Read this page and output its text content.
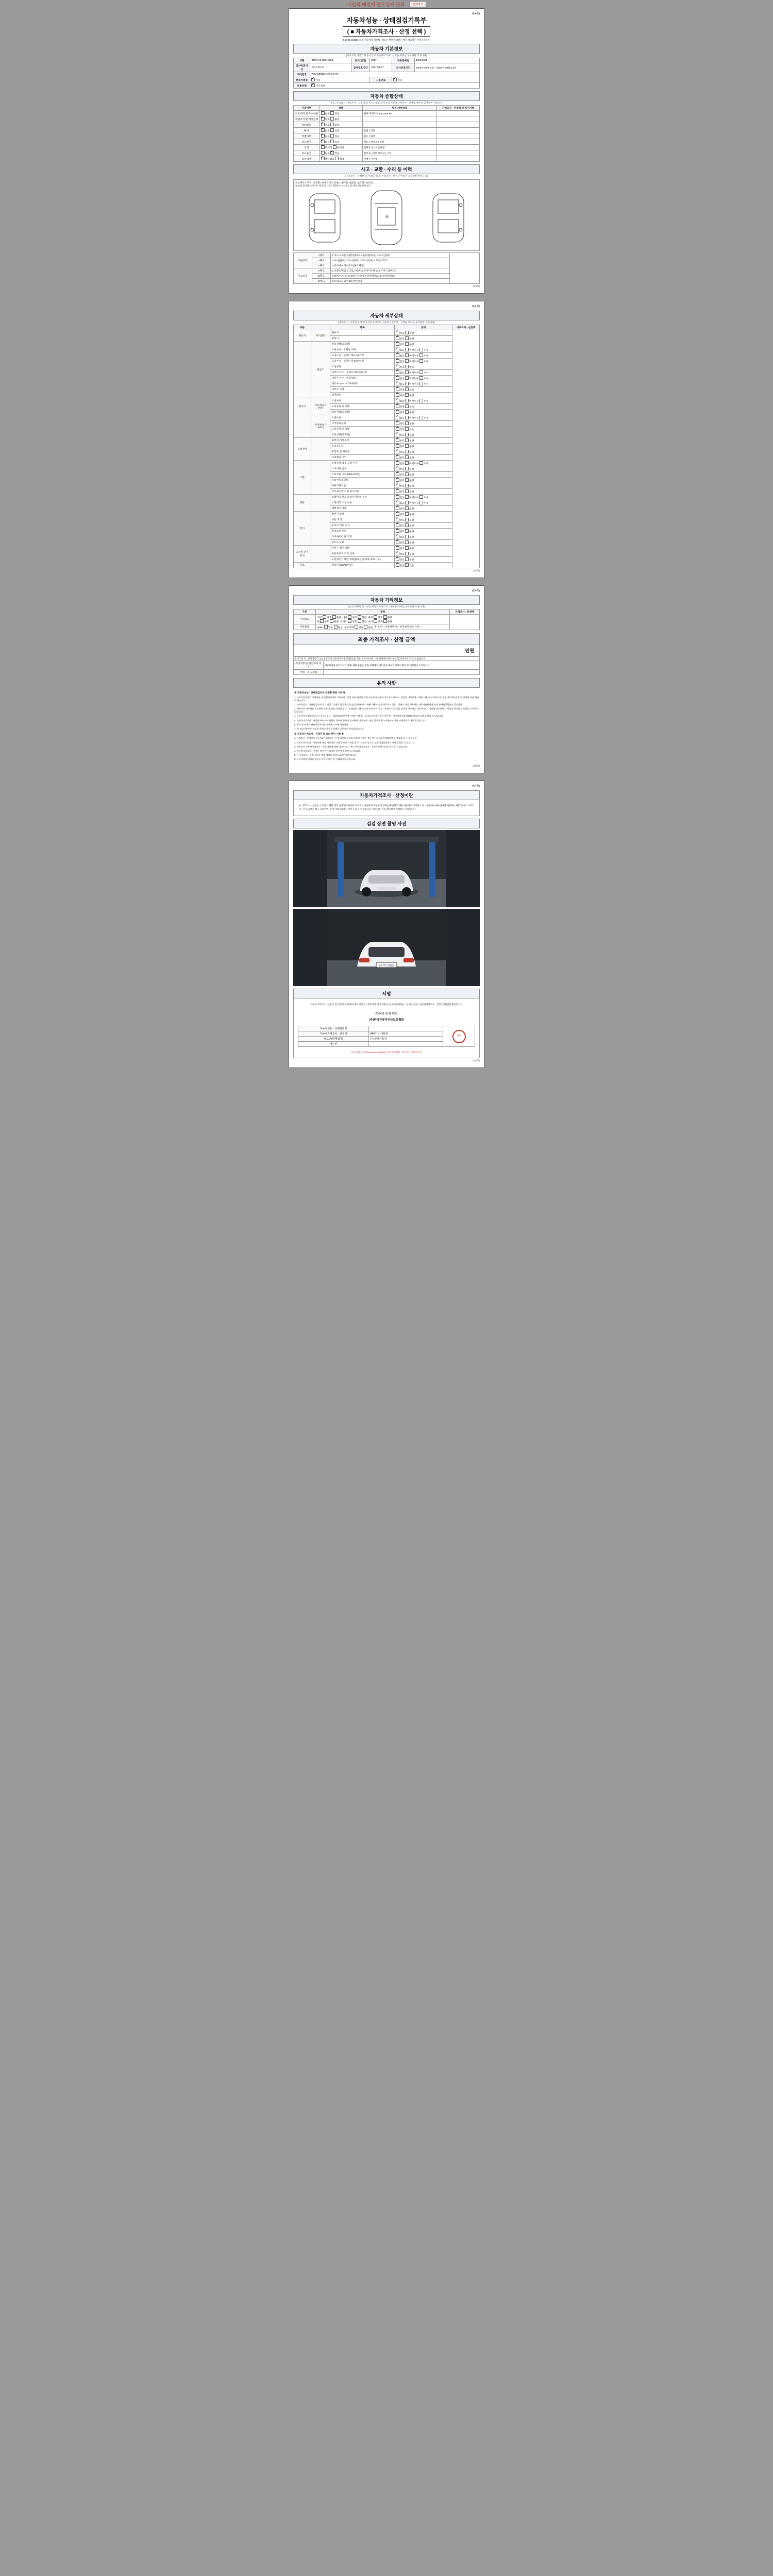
크인의 페먼에 안우입째 문의	인쇄하기
(1/4쪽)
자동차성능 · 상태점검기록부
( ■ 자동차가격조사 · 산정 선택 )
제 15-01-134192 호 ※ 자동차의 객관적 · 성능은 행위의 범위는 해당 제공하는 서비스 입니다.
자동차 기본정보
(기록부의 기본기재 등시안의 자동차의거내 · 산정을 위하신 공차량한 작성니다)
차명	BMW X3 xDrive20d	연식(년식)	2017	최초등록일	3463.3665
검사유효기간	2017-03-17	검사유효기간	2017-03-17	검사유효기간	2020년 05월 1일 ~ 2027년 05월 18일
차대번호	WBAXZ510A40RO4HTH				
변속기종류	✔자동		사용연료	✔경유
보증유형	✔자기보증
자동차 종합상태
(주요, 주요옵션, 기록조사 · 산정의 및 폭기사항을 동시안의 자동차가격조사 · 산정을 위하신 공차량한 작성니다)
사용여부	상태	항목/세부내역	가격조사 · 산정액 및 특기사항
사고이력 및 특수사용	✔없음 있음	현재 주행거리 | 93,266 km	
주행거리 및 계기상태	✔양호 불량		
차대번호	✔양호 불량		
튜닝	✔없음 있음	불법 | 적법	
특별이력	✔없음 있음	침수 | 화재	
용도변경	✔없음 있음	렌트 | 영업용 | 관용	
색상	✔무채색 유채색	전체도색 | 색상변경	
주요옵션	없음 ✔ 있음	선루프 | 네비게이션 | 기타	
리콜대상	✔해당없음 해당	이행 | 미이행	
사고 · 교환 · 수리 등 이력
(기록조사 · 산정한 동시안의 자동차가격조사 · 산정을 위하신 공차량한 작성니다)
※ 상태표시 부호 : X(교환), W(판금 또는 용접), C(부식), A(흠집), U(요철), T(손상)
※ 主항 및 형판 상태에 기호표기, 기타 가용하는 상세정보 문의의 세부항목 참고
M
외판부위	1랭크	1.후드 2.프론트휀더(좌) 3.프론트휀더(우) 4.도어(앞좌)	
	2랭크	5.도어(앞우) 6.도어(뒤좌) 7.도어(뒤우) 8.트렁크리드	
	3랭크	9.라디에이터서포트(볼트체결)	
주요골격	A랭크	1.프론트패널 2.크로스멤버 3.인사이드패널 4.사이드멤버(좌)	
	B랭크	5.휠하우스(좌) 6.휠하우스(우) 7.필러패널(A) 8.필러패널(B)	
	C랭크	9.트렁크플로어 10.리어패널	
(1/4쪽)
(2/4쪽)
자동차 세부상태
(기록조사 · 산정한 동시 특기사항 동시안의 자동차가격조사 · 산정을 위하신 공차량한 작성니다)
구분		항목	상태	가격조사 · 산정액
원동기	자기진단	원동기	✔양호 불량	
		변속기	✔양호 불량
	원동기	작동상태(공회전)	✔양호 불량
		오일누유 - 로커암 커버	✔없음 미세누유 누유
		오일누유 - 실린더 헤드/가스켓	✔없음 미세누유 누유
		오일누유 - 실린더 블록/오일팬	✔없음 미세누유 누유
		오일유량	✔적정 부족
		냉각수 누수 - 실린더 헤드/가스켓	✔없음 미세누수 누수
		냉각수 누수 - 워터펌프	✔없음 미세누수 누수
		냉각수 누수 - 라디에이터	✔없음 미세누수 누수
		냉각수 수량	✔적정 부족
		커먼레일	✔양호 불량
변속기	자동변속기(A/T)	오일누유	✔없음 미세누유 누유
		오일유량 및 상태	✔적정 부족
		작동상태(공회전)	✔양호 불량
	수동변속기(M/T)	오일누유	✔없음 미세누유 누유
		기어변속장치	✔양호 불량
		오일유량 및 상태	✔적정 부족
		작동상태(공회전)	✔양호 불량
동력전달		클러치 어셈블리	✔양호 불량
		등속조인트	✔양호 불량
		추진축 및 베어링	✔양호 불량
		디퍼렌셜 기어	✔양호 불량
조향		동력조향 작동 오일 누유	✔없음 미세누유 누유
		스티어링 펌프	✔양호 불량
		스티어링 기어(MDPS포함)	✔양호 불량
		스티어링조인트	✔양호 불량
		파워크랭크암	✔양호 불량
		타이로드엔드 및 볼조인트	✔양호 불량
제동		브레이크 마스터 실린더오일 누유	✔없음 미세누유 누유
		브레이크 오일 누유	✔없음 미세누유 누유
		배력장치 상태	✔양호 불량
전기		발전기 출력	✔양호 불량
		시동 모터	✔양호 불량
		와이퍼 기능 이상	✔양호 불량
		실내송풍 모터	✔양호 불량
		라디에이터 팬 모터	✔양호 불량
		윈도우 모터	✔양호 불량
고전원 전기장치		충전구 절연 상태	✔양호 불량
		구동축전지 격리 상태	✔양호 불량
		고전원전기배선 상태(접속단자,피복,보호기구)	✔양호 불량
연료		연료누출(LPG포함)	✔없음 있음
(2/4쪽)
(3/4쪽)
자동차 기타정보
(외 특기사항 동시안의 자동차가격조사 · 산정을 위하신 공차량한 작성니다)
구분	항목	가격조사 · 산정액
수리필요	
외장 양호 불량 내장 양호 불량 광택 양호 불량
휠 양호 불량 타이어 양호 불량 유리 양호 불량

기본품목	практ 있음 없음 보유상태 있음 없음 ※ 공구 □ 사용설명서 □ 안전삼각대 □ 기타 □	
최종 가격조사 · 산정 금액
만원
※ 가격조사 · 산정기록은 성능점검자의 자동차가격을 보장(보증) 하는 것이 아니며, 거래 과정에서 당사자간 합의에 따라 다를 수 있습니다.	
특기사항 및 점검자의 의견	해당차량에 롤리그처리 항목/ 해당 볼륨은 점검-상태에서 매도인과 매수인 쌍방이 확인 후 거래하시기 바랍니다.
거래 · 조사/점검	
유의 사항
※ 자동차성능 · 상태점검자의 부정확 판단 시한 방

1. 자동차등록증의 기재내용, 상태점검자에서 기록조사 · 산정 부분 점검에 대한 자동차의 상태와 자동차가격조사 · 산정을 기록부에 기재된 내용이 실제와 다를 경우 자동차관리법 및 민법에 따라 책임이 있습니다.

2. 자동차성능 · 상태점검자가 자기 점검 · 상태를 한 경우 성능점검기록부에 기재된 내용과 실제 자동차의 성능 · 상태가 다를 경우에는 자동차관리법에 따라 손해배상책임이 있습니다.

3. 매수인은 자동차를 인도받은 날부터 30일 이내에 성능 · 상태점검 내용과 실제 자동차의 성능 · 상태가 다른 것을 발견한 경우에는 자동차성능 · 상태점검자에게 그 사실을 통보하고 보상을 요구할 수 있습니다.

4. 자동차성능상태점검자가 자동차성능 · 상태점검기록부에 기재된 내용을 사실과 다르게 기록한 경우에는 자동차관리법 제80조에 따라 처벌을 받을 수 있습니다.

5. 자동차가격조사 · 산정은 매수인이 원하는 경우에 한하여 실시하며, 가격조사 · 산정 금액은 참고사항이며 실제 거래금액과 다를 수 있습니다.

6. 주요 골격 부위 판단기준은 국토교통부 고시에 따릅니다.

7. 본 점검기록부는 점검일 현재의 자동차 상태를 기준으로 작성되었습니다.

※ 자동차가격조사 · 산정자 및 유의 판단 시한 방

1. 가격조사 · 산정자가 자동차의 가격조사 · 산정 내용을 사실과 다르게 기재한 경우에는 자동차관리법에 따라 책임을 질 수 있습니다.

2. 자동차가격조사 · 산정액은 해당 자동차의 거래 당시의 가격을 조사 · 산정한 것으로 실제 거래금액과는 차이가 있을 수 있습니다.

3. 매수인은 자동차가격조사 · 산정 내용에 대해 이의가 있는 경우 자동차가격조사 · 산정자에게 이의를 제기할 수 있습니다.

4. 자동차가격조사 · 산정은 매수인이 요청한 경우에 한하여 실시합니다.

5. 본 가격조사 · 산정 결과는 매매 계약의 참고자료로만 활용됩니다.

6. 특기사항에 기재된 내용은 반드시 확인 후 거래하시기 바랍니다.

(3/4쪽)
(4/4쪽)
자동차가격조사 · 산정이란
※ '가격조사 · 산정'은 소비자가 원할 경우 실시되며 자동차 가격조사 산정자가 자동차의 상태를 확인하고 해당 자동차의 가격을 조사 · 산정하여 매수인에게 제공하는 제도입니다. 가격조사 · 산정 금액은 참고 자료이며, 실제 거래가격과는 차이가 있을 수 있습니다. 매수인은 이를 참고하여 거래하시기 바랍니다.
검검 장면 촬영 사진
56 머 2055
서명
'자동차가격조사 · 산정'은 법 규정 범위 내에서 매도 매수인 · 매도자가 기대 하며 (구입과자동차성능 · 상태를 점검 / 자동차가격조사 · 산정 ) 버린것을 확인합니다.
2024년 01월 16일
(주)한국자동차진단보증협회
자동차성능 · 상태점검자		직인

자동차가격조사 · 산정자	WKITI산 대표관	
매도인(매매업자)	(주)알파자동차	
매수인		
※ 자기간 자동차(www.car365.go.kr) 자동차 상태를 조회 및 안내하여 보기
(4/4쪽)
